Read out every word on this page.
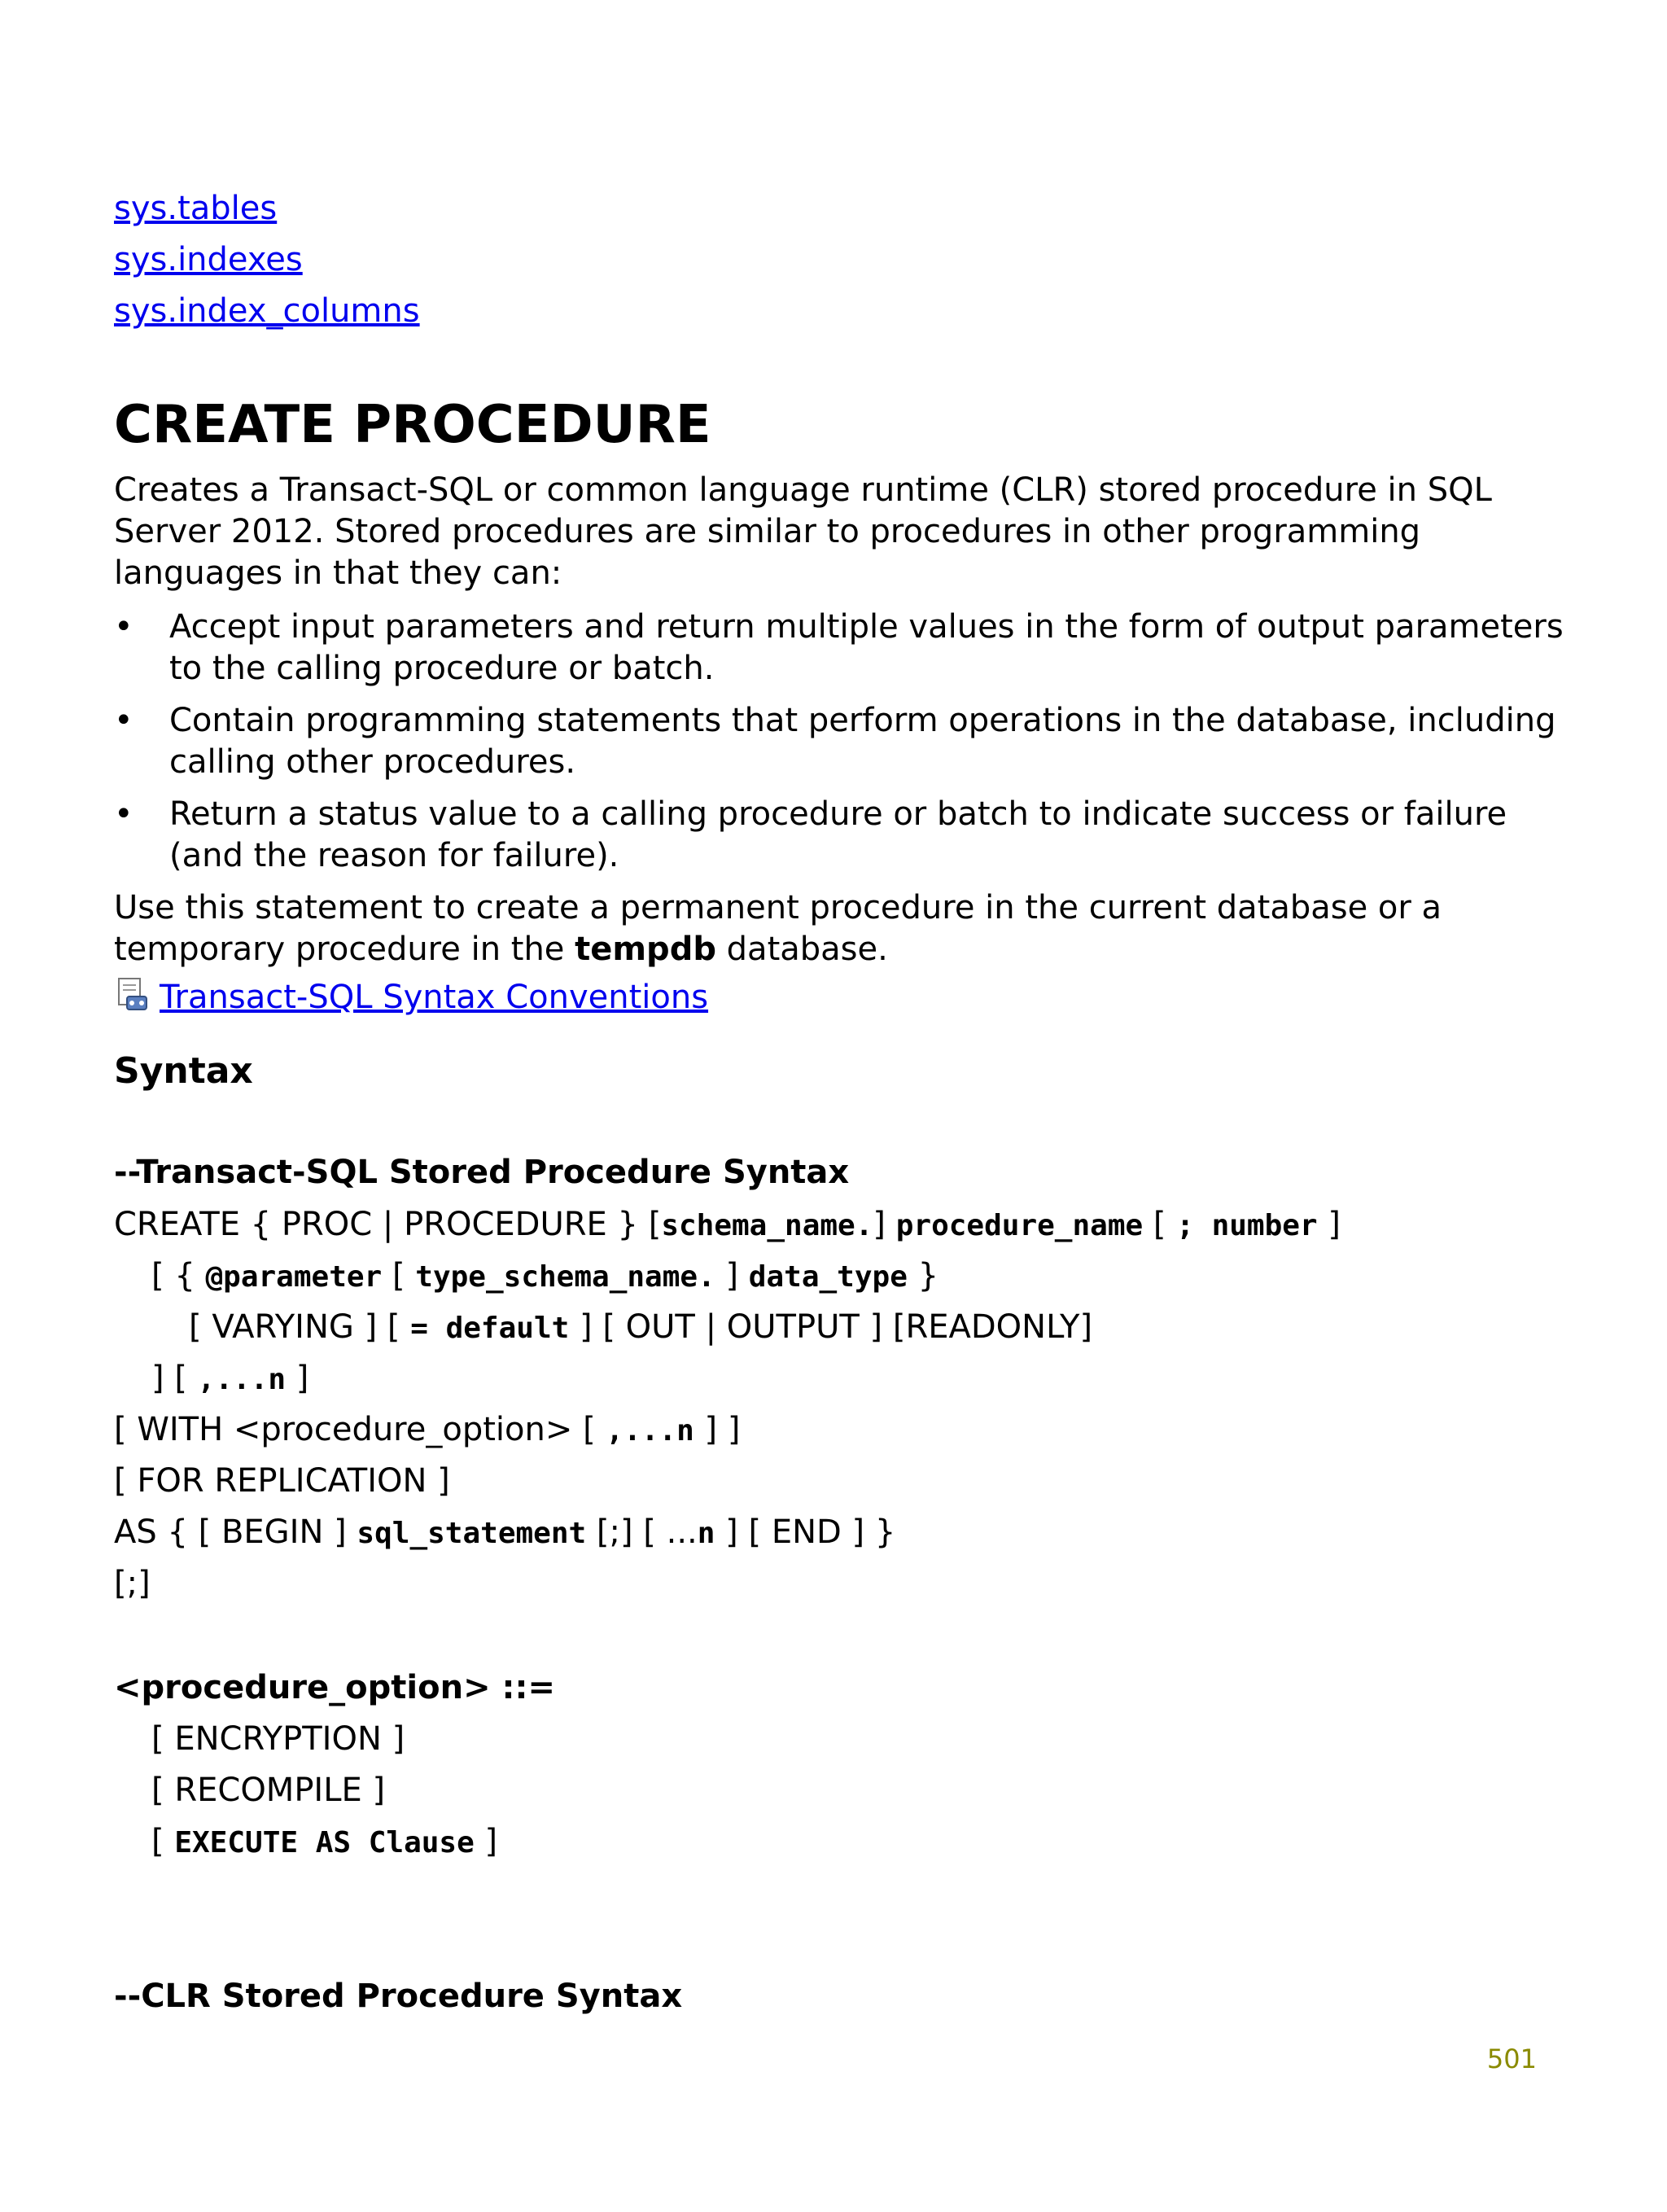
sys.tables
sys.indexes
sys.index_columns
CREATE PROCEDURE
Creates a Transact-SQL or common language runtime (CLR) stored procedure in SQL Server 2012. Stored procedures are similar to procedures in other programming languages in that they can:
•	Accept input parameters and return multiple values in the form of output parameters to the calling procedure or batch.
•	Contain programming statements that perform operations in the database, including calling other procedures.
•	Return a status value to a calling procedure or batch to indicate success or failure (and the reason for failure).
Use this statement to create a permanent procedure in the current database or a temporary procedure in the tempdb database.
Transact-SQL Syntax Conventions
Syntax
--Transact-SQL Stored Procedure Syntax
CREATE { PROC | PROCEDURE } [schema_name.] procedure_name [ ; number ]
[ { @parameter [ type_schema_name. ] data_type }
[ VARYING ] [ = default ] [ OUT | OUTPUT ] [READONLY]
] [ ,...n ]
[ WITH <procedure_option> [ ,...n ] ]
[ FOR REPLICATION ]
AS { [ BEGIN ] sql_statement [;] [ ...n ] [ END ] }
[;]
<procedure_option> ::=
[ ENCRYPTION ]
[ RECOMPILE ]
[ EXECUTE AS Clause ]
--CLR Stored Procedure Syntax
501
